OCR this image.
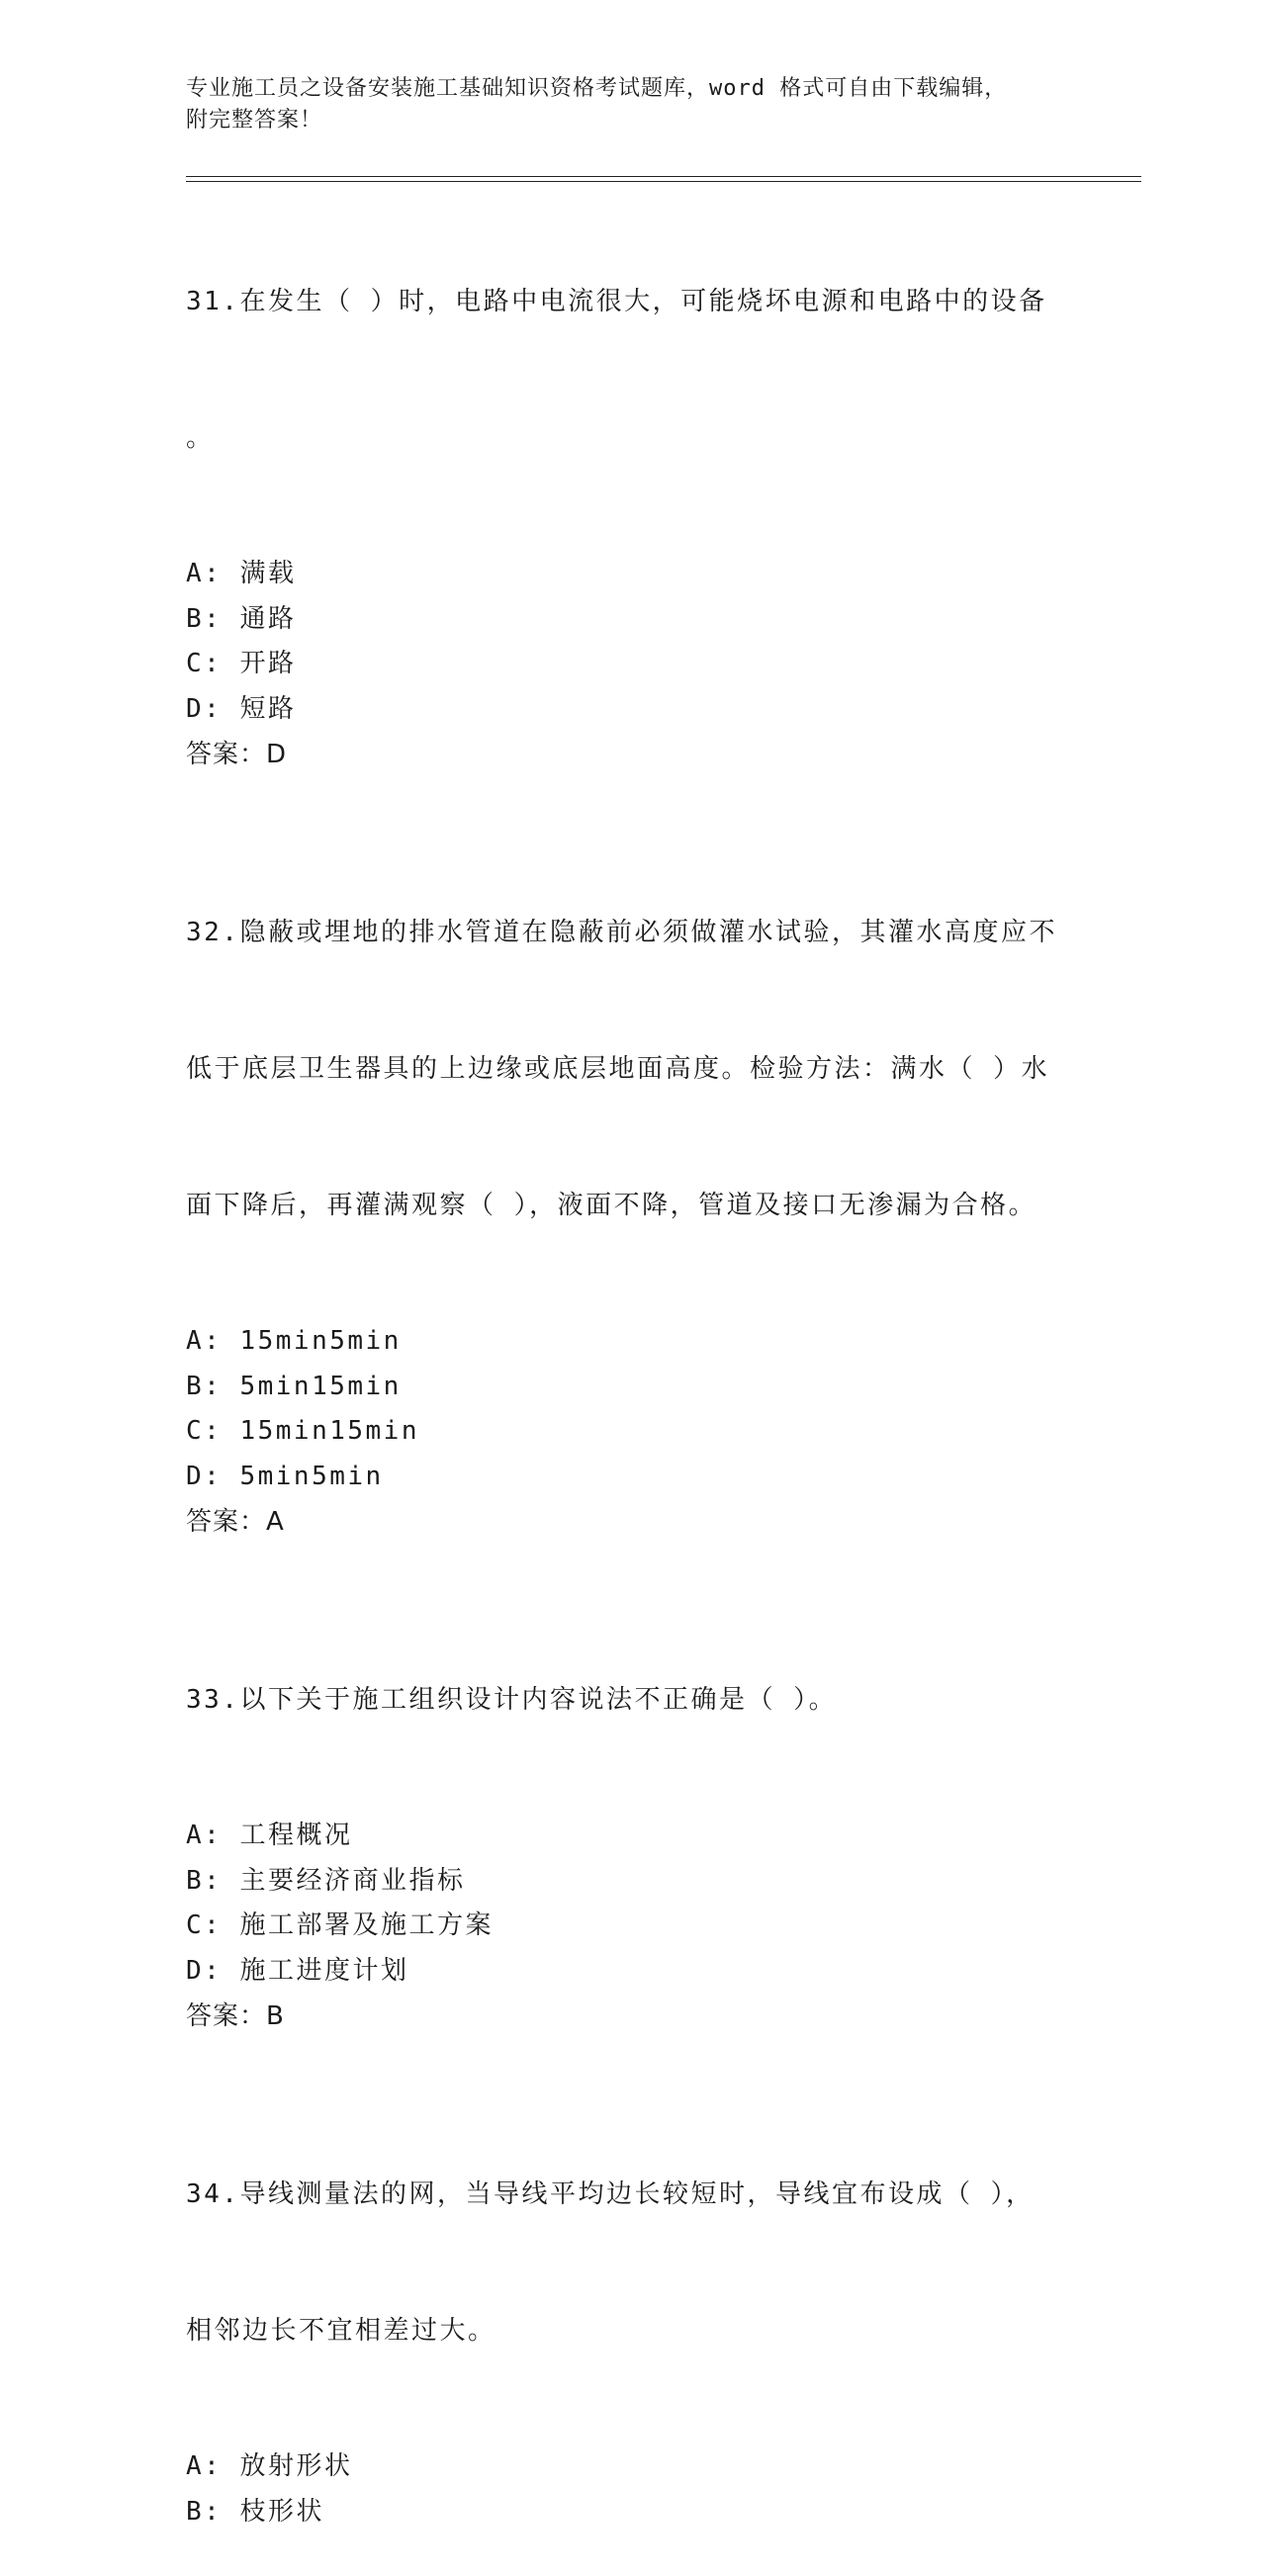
专业施工员之设备安装施工基础知识资格考试题库，word 格式可自由下载编辑，
附完整答案！

31.在发生（ ）时，电路中电流很大，可能烧坏电源和电路中的设备

。

A: 满载
B: 通路
C: 开路
D: 短路
答案：D

32.隐蔽或埋地的排水管道在隐蔽前必须做灌水试验，其灌水高度应不

低于底层卫生器具的上边缘或底层地面高度。检验方法：满水（ ）水

面下降后，再灌满观察（ ），液面不降，管道及接口无渗漏为合格。

A: 15min5min
B: 5min15min
C: 15min15min
D: 5min5min
答案：A

33.以下关于施工组织设计内容说法不正确是（ ）。

A: 工程概况
B: 主要经济商业指标
C: 施工部署及施工方案
D: 施工进度计划
答案：B

34.导线测量法的网，当导线平均边长较短时，导线宜布设成（ ），

相邻边长不宜相差过大。

A: 放射形状
B: 枝形状
